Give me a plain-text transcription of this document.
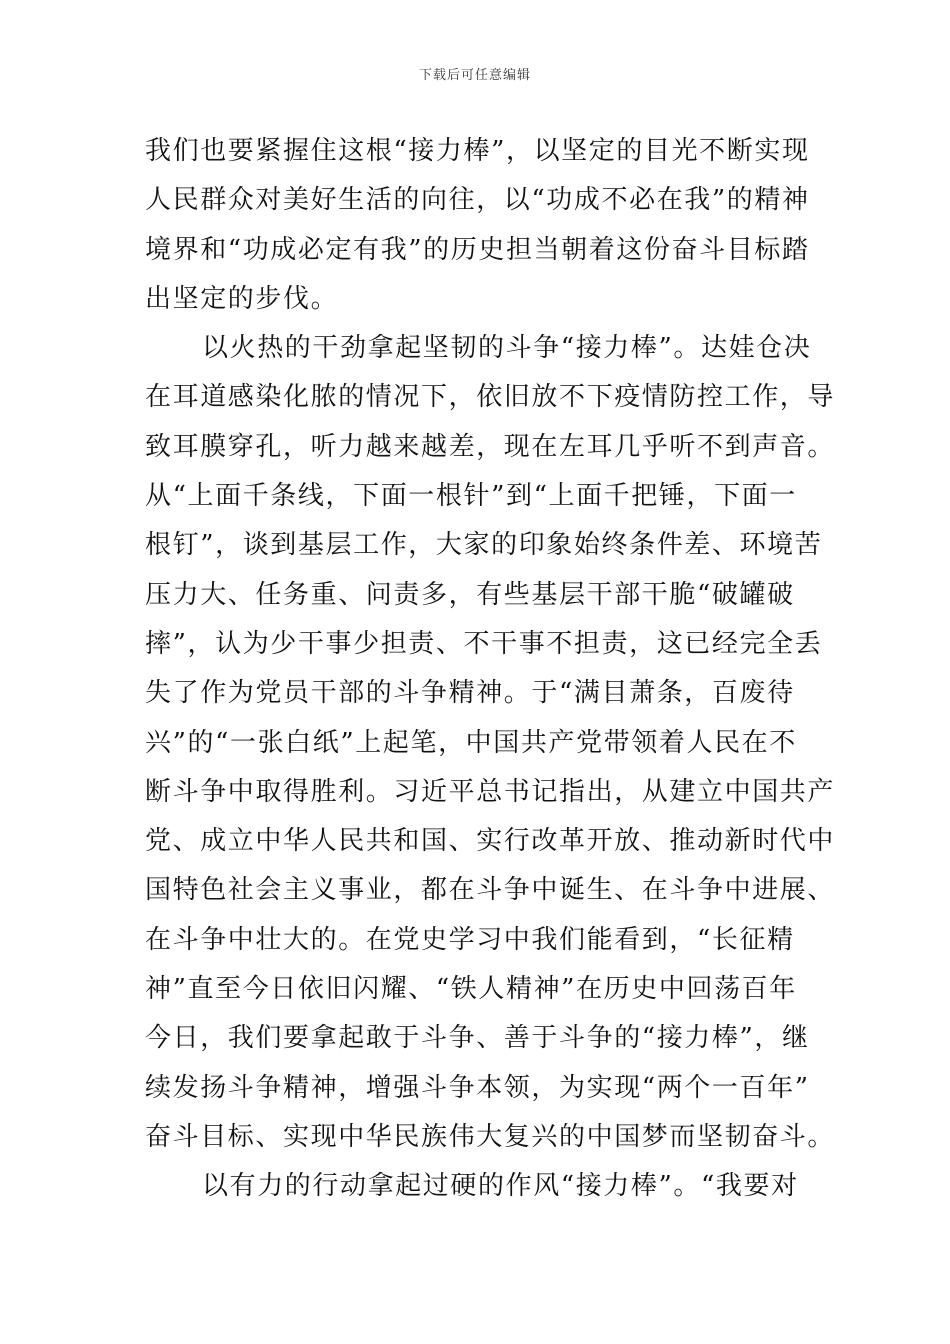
下载后可任意编辑
我们也要紧握住这根“接力棒”，以坚定的目光不断实现
人民群众对美好生活的向往，以“功成不必在我”的精神
境界和“功成必定有我”的历史担当朝着这份奋斗目标踏
出坚定的步伐。
以火热的干劲拿起坚韧的斗争“接力棒”。达娃仓决
在耳道感染化脓的情况下，依旧放不下疫情防控工作，导
致耳膜穿孔，听力越来越差，现在左耳几乎听不到声音。
从“上面千条线，下面一根针”到“上面千把锤，下面一
根钉”，谈到基层工作，大家的印象始终条件差、环境苦
压力大、任务重、问责多，有些基层干部干脆“破罐破
摔”，认为少干事少担责、不干事不担责，这已经完全丢
失了作为党员干部的斗争精神。于“满目萧条，百废待
兴”的“一张白纸”上起笔，中国共产党带领着人民在不
断斗争中取得胜利。习近平总书记指出，从建立中国共产
党、成立中华人民共和国、实行改革开放、推动新时代中
国特色社会主义事业，都在斗争中诞生、在斗争中进展、
在斗争中壮大的。在党史学习中我们能看到，“长征精
神”直至今日依旧闪耀、“铁人精神”在历史中回荡百年
今日，我们要拿起敢于斗争、善于斗争的“接力棒”，继
续发扬斗争精神，增强斗争本领，为实现“两个一百年”
奋斗目标、实现中华民族伟大复兴的中国梦而坚韧奋斗。
以有力的行动拿起过硬的作风“接力棒”。“我要对
